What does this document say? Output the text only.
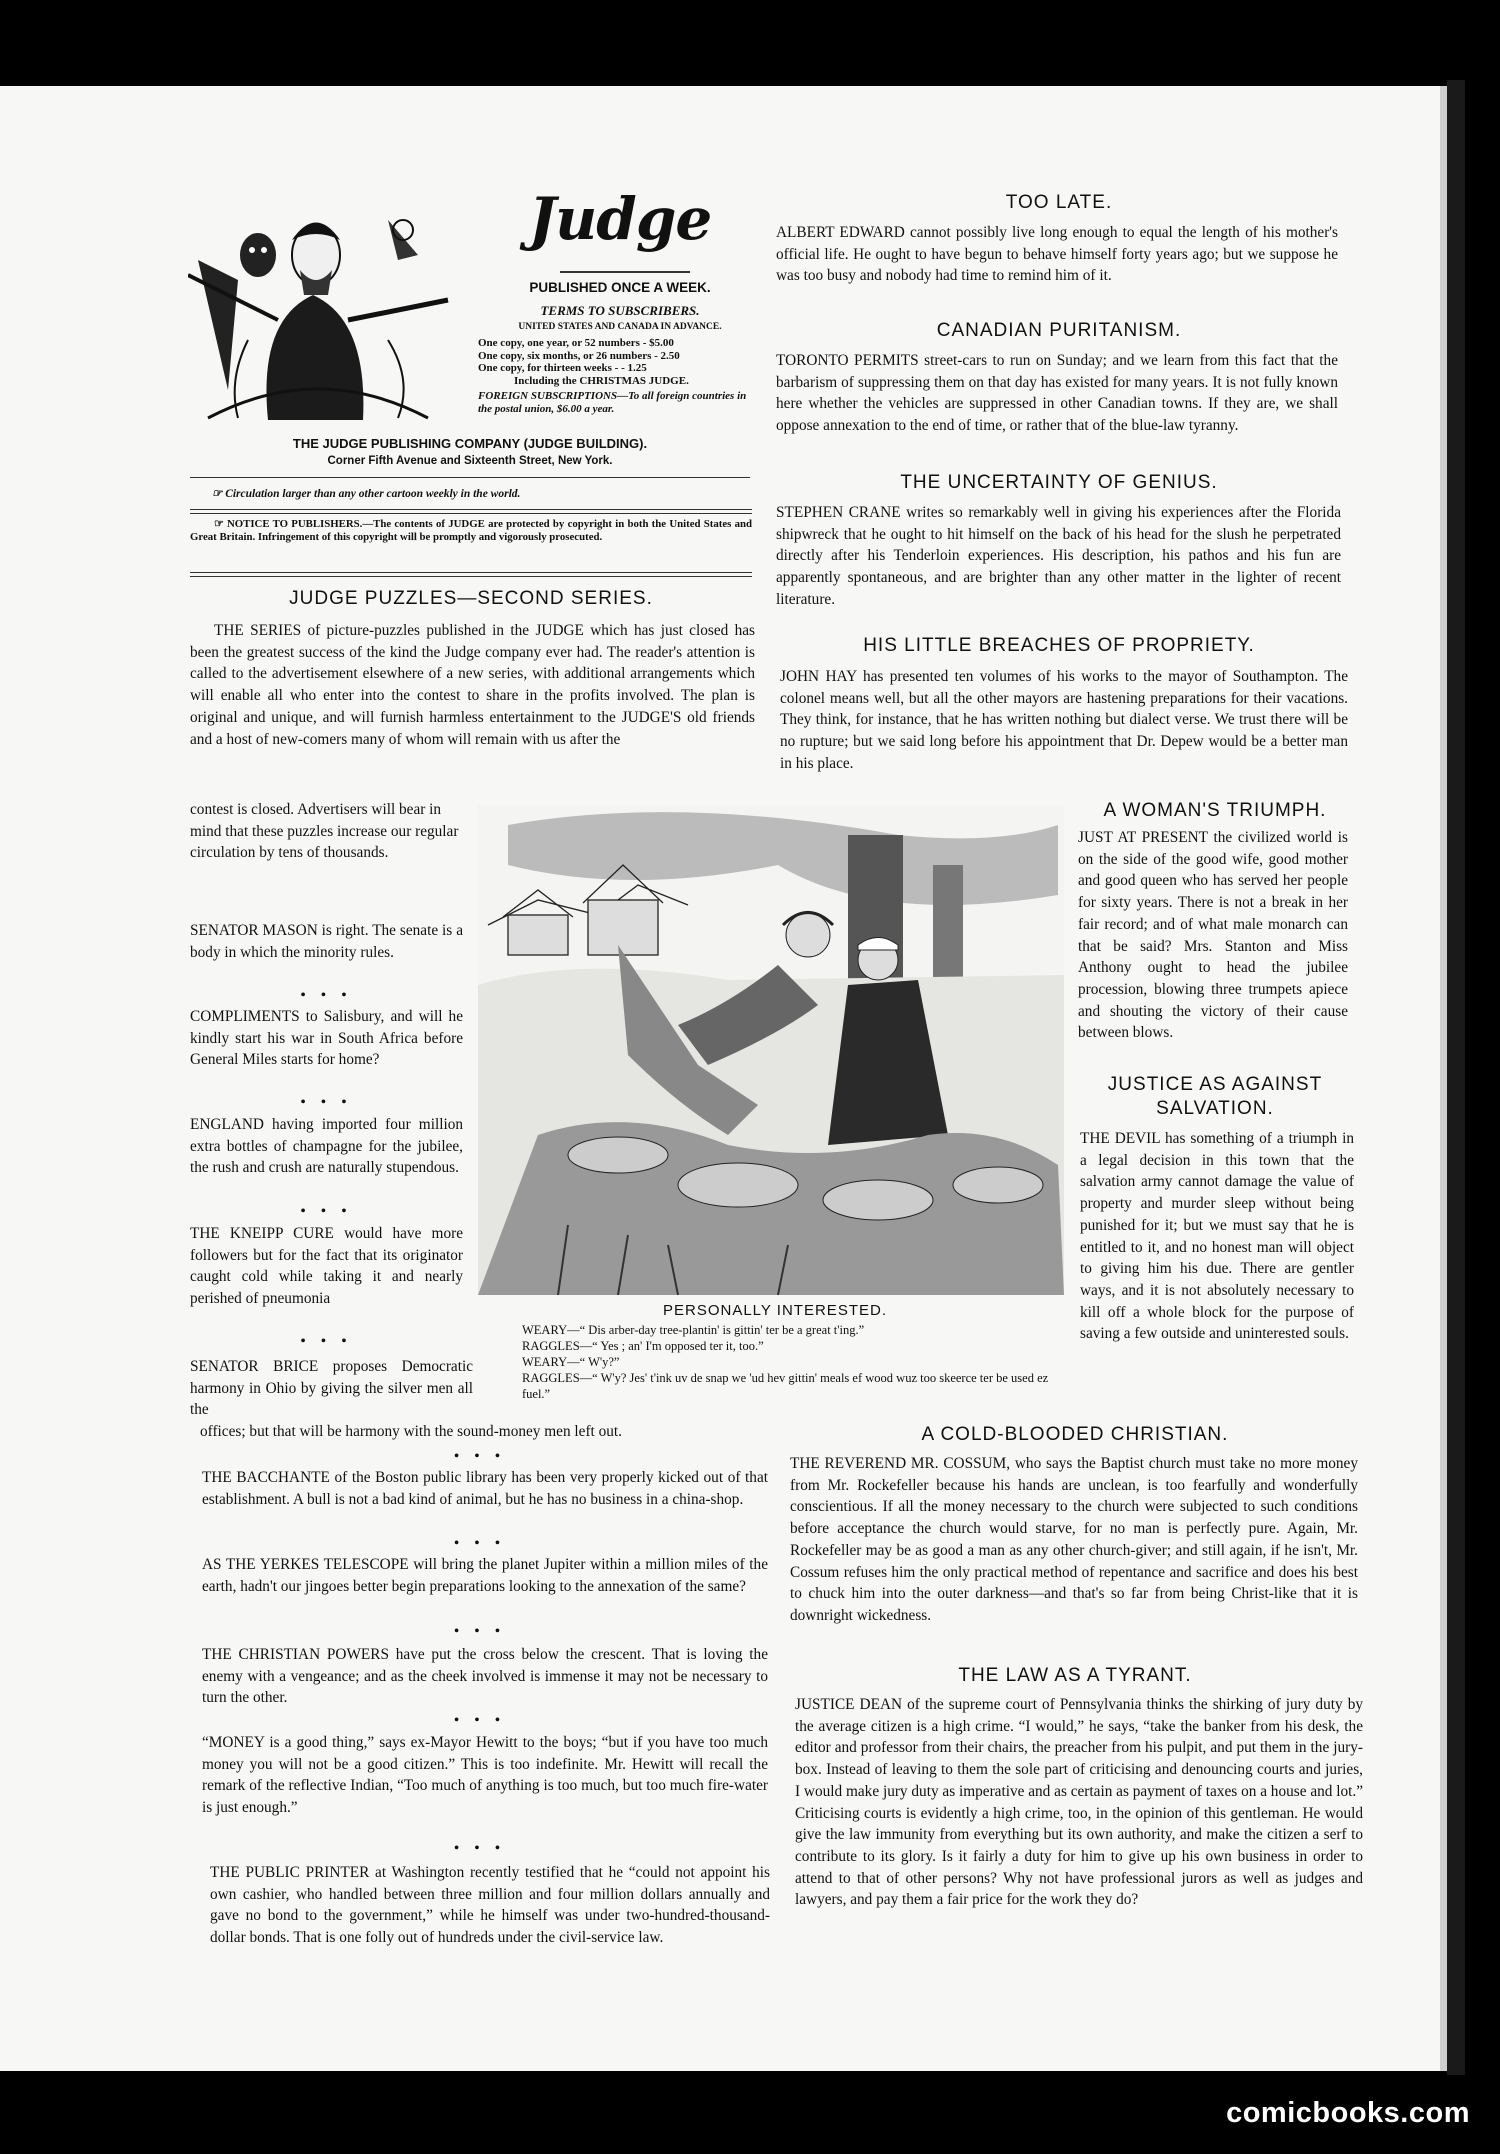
Judge
PUBLISHED ONCE A WEEK.
TERMS TO SUBSCRIBERS.
UNITED STATES AND CANADA IN ADVANCE.
One copy, one year, or 52 numbers - $5.00
One copy, six months, or 26 numbers - 2.50
One copy, for thirteen weeks - - 1.25
Including the CHRISTMAS JUDGE.
FOREIGN SUBSCRIPTIONS—To all foreign countries in the postal union, $6.00 a year.
THE JUDGE PUBLISHING COMPANY (JUDGE BUILDING).
Corner Fifth Avenue and Sixteenth Street, New York.
☞ Circulation larger than any other cartoon weekly in the world.
☞ NOTICE TO PUBLISHERS.—The contents of JUDGE are protected by copyright in both the United States and Great Britain. Infringement of this copyright will be promptly and vigorously prosecuted.
JUDGE PUZZLES—SECOND SERIES.
THE SERIES of picture-puzzles published in the JUDGE which has just closed has been the greatest success of the kind the Judge company ever had. The reader's attention is called to the advertisement elsewhere of a new series, with additional arrangements which will enable all who enter into the contest to share in the profits involved. The plan is original and unique, and will furnish harmless entertainment to the JUDGE'S old friends and a host of new-comers many of whom will remain with us after the
contest is closed. Advertisers will bear in mind that these puzzles increase our regular circulation by tens of thousands.
SENATOR MASON is right. The senate is a body in which the minority rules.
• • •
COMPLIMENTS to Salisbury, and will he kindly start his war in South Africa before General Miles starts for home?
• • •
ENGLAND having imported four million extra bottles of champagne for the jubilee, the rush and crush are naturally stupendous.
• • •
THE KNEIPP CURE would have more followers but for the fact that its originator caught cold while taking it and nearly perished of pneumonia
• • •
SENATOR BRICE proposes Democratic harmony in Ohio by giving the silver men all the
offices; but that will be harmony with the sound-money men left out.
PERSONALLY INTERESTED.
WEARY—“ Dis arber-day tree-plantin' is gittin' ter be a great t'ing.”
RAGGLES—“ Yes ; an' I'm opposed ter it, too.”
WEARY—“ W'y?”
RAGGLES—“ W'y? Jes' t'ink uv de snap we 'ud hev gittin' meals ef wood wuz too skeerce ter be used ez fuel.”
• • •
THE BACCHANTE of the Boston public library has been very properly kicked out of that establishment. A bull is not a bad kind of animal, but he has no business in a china-shop.
• • •
AS THE YERKES TELESCOPE will bring the planet Jupiter within a million miles of the earth, hadn't our jingoes better begin preparations looking to the annexation of the same?
• • •
THE CHRISTIAN POWERS have put the cross below the crescent. That is loving the enemy with a vengeance; and as the cheek involved is immense it may not be necessary to turn the other.
• • •
“MONEY is a good thing,” says ex-Mayor Hewitt to the boys; “but if you have too much money you will not be a good citizen.” This is too indefinite. Mr. Hewitt will recall the remark of the reflective Indian, “Too much of anything is too much, but too much fire-water is just enough.”
• • •
THE PUBLIC PRINTER at Washington recently testified that he “could not appoint his own cashier, who handled between three million and four million dollars annually and gave no bond to the government,” while he himself was under two-hundred-thousand-dollar bonds. That is one folly out of hundreds under the civil-service law.
TOO LATE.
ALBERT EDWARD cannot possibly live long enough to equal the length of his mother's official life. He ought to have begun to behave himself forty years ago; but we suppose he was too busy and nobody had time to remind him of it.
CANADIAN PURITANISM.
TORONTO PERMITS street-cars to run on Sunday; and we learn from this fact that the barbarism of suppressing them on that day has existed for many years. It is not fully known here whether the vehicles are suppressed in other Canadian towns. If they are, we shall oppose annexation to the end of time, or rather that of the blue-law tyranny.
THE UNCERTAINTY OF GENIUS.
STEPHEN CRANE writes so remarkably well in giving his experiences after the Florida shipwreck that he ought to hit himself on the back of his head for the slush he perpetrated directly after his Tenderloin experiences. His description, his pathos and his fun are apparently spontaneous, and are brighter than any other matter in the lighter of recent literature.
HIS LITTLE BREACHES OF PROPRIETY.
JOHN HAY has presented ten volumes of his works to the mayor of Southampton. The colonel means well, but all the other mayors are hastening preparations for their vacations. They think, for instance, that he has written nothing but dialect verse. We trust there will be no rupture; but we said long before his appointment that Dr. Depew would be a better man in his place.
A WOMAN'S TRIUMPH.
JUST AT PRESENT the civilized world is on the side of the good wife, good mother and good queen who has served her people for sixty years. There is not a break in her fair record; and of what male monarch can that be said? Mrs. Stanton and Miss Anthony ought to head the jubilee procession, blowing three trumpets apiece and shouting the victory of their cause between blows.
JUSTICE AS AGAINST
SALVATION.
THE DEVIL has something of a triumph in a legal decision in this town that the salvation army cannot damage the value of property and murder sleep without being punished for it; but we must say that he is entitled to it, and no honest man will object to giving him his due. There are gentler ways, and it is not absolutely necessary to kill off a whole block for the purpose of saving a few outside and uninterested souls.
A COLD-BLOODED CHRISTIAN.
THE REVEREND MR. COSSUM, who says the Baptist church must take no more money from Mr. Rockefeller because his hands are unclean, is too fearfully and wonderfully conscientious. If all the money necessary to the church were subjected to such conditions before acceptance the church would starve, for no man is perfectly pure. Again, Mr. Rockefeller may be as good a man as any other church-giver; and still again, if he isn't, Mr. Cossum refuses him the only practical method of repentance and sacrifice and does his best to chuck him into the outer darkness—and that's so far from being Christ-like that it is downright wickedness.
THE LAW AS A TYRANT.
JUSTICE DEAN of the supreme court of Pennsylvania thinks the shirking of jury duty by the average citizen is a high crime. “I would,” he says, “take the banker from his desk, the editor and professor from their chairs, the preacher from his pulpit, and put them in the jury-box. Instead of leaving to them the sole part of criticising and denouncing courts and juries, I would make jury duty as imperative and as certain as payment of taxes on a house and lot.” Criticising courts is evidently a high crime, too, in the opinion of this gentleman. He would give the law immunity from everything but its own authority, and make the citizen a serf to contribute to its glory. Is it fairly a duty for him to give up his own business in order to attend to that of other persons? Why not have professional jurors as well as judges and lawyers, and pay them a fair price for the work they do?
comicbooks.com
